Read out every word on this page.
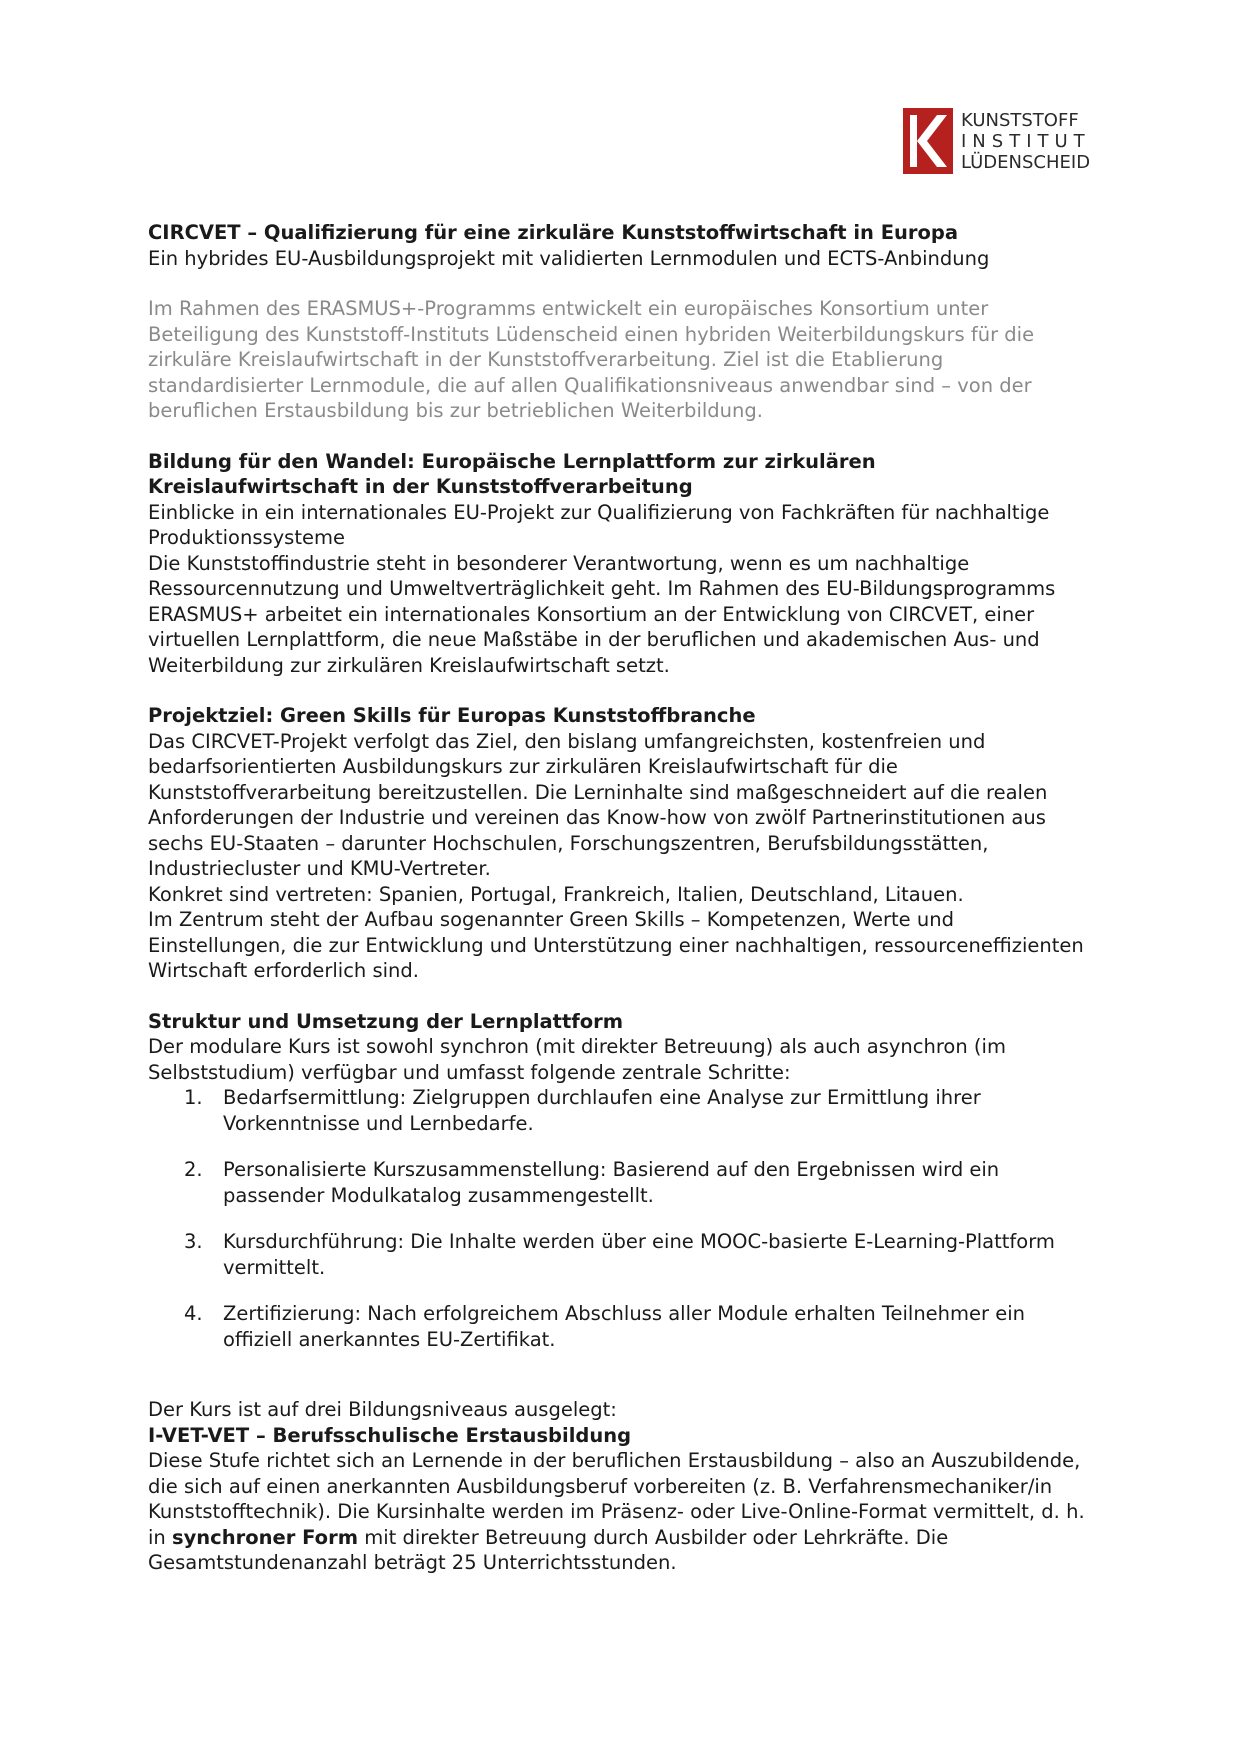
KUNSTSTOFF
INSTITUT
LÜDENSCHEID

CIRCVET – Qualifizierung für eine zirkuläre Kunststoffwirtschaft in Europa

Ein hybrides EU-Ausbildungsprojekt mit validierten Lernmodulen und ECTS-Anbindung

Im Rahmen des ERASMUS+-Programms entwickelt ein europäisches Konsortium unter Beteiligung des Kunststoff-Instituts Lüdenscheid einen hybriden Weiterbildungskurs für die zirkuläre Kreislaufwirtschaft in der Kunststoffverarbeitung. Ziel ist die Etablierung standardisierter Lernmodule, die auf allen Qualifikationsniveaus anwendbar sind – von der beruflichen Erstausbildung bis zur betrieblichen Weiterbildung.

Bildung für den Wandel: Europäische Lernplattform zur zirkulären Kreislaufwirtschaft in der Kunststoffverarbeitung

Einblicke in ein internationales EU-Projekt zur Qualifizierung von Fachkräften für nachhaltige Produktionssysteme

Die Kunststoffindustrie steht in besonderer Verantwortung, wenn es um nachhaltige Ressourcennutzung und Umweltverträglichkeit geht. Im Rahmen des EU-Bildungsprogramms ERASMUS+ arbeitet ein internationales Konsortium an der Entwicklung von CIRCVET, einer virtuellen Lernplattform, die neue Maßstäbe in der beruflichen und akademischen Aus- und Weiterbildung zur zirkulären Kreislaufwirtschaft setzt.

Projektziel: Green Skills für Europas Kunststoffbranche

Das CIRCVET-Projekt verfolgt das Ziel, den bislang umfangreichsten, kostenfreien und bedarfsorientierten Ausbildungskurs zur zirkulären Kreislaufwirtschaft für die Kunststoffverarbeitung bereitzustellen. Die Lerninhalte sind maßgeschneidert auf die realen Anforderungen der Industrie und vereinen das Know-how von zwölf Partnerinstitutionen aus sechs EU-Staaten – darunter Hochschulen, Forschungszentren, Berufsbildungsstätten, Industriecluster und KMU-Vertreter.

Konkret sind vertreten: Spanien, Portugal, Frankreich, Italien, Deutschland, Litauen.

Im Zentrum steht der Aufbau sogenannter Green Skills – Kompetenzen, Werte und Einstellungen, die zur Entwicklung und Unterstützung einer nachhaltigen, ressourceneffizienten Wirtschaft erforderlich sind.

Struktur und Umsetzung der Lernplattform

Der modulare Kurs ist sowohl synchron (mit direkter Betreuung) als auch asynchron (im Selbststudium) verfügbar und umfasst folgende zentrale Schritte:

1. Bedarfsermittlung: Zielgruppen durchlaufen eine Analyse zur Ermittlung ihrer Vorkenntnisse und Lernbedarfe.
2. Personalisierte Kurszusammenstellung: Basierend auf den Ergebnissen wird ein passender Modulkatalog zusammengestellt.
3. Kursdurchführung: Die Inhalte werden über eine MOOC-basierte E-Learning-Plattform vermittelt.
4. Zertifizierung: Nach erfolgreichem Abschluss aller Module erhalten Teilnehmer ein offiziell anerkanntes EU-Zertifikat.

Der Kurs ist auf drei Bildungsniveaus ausgelegt:

I-VET-VET – Berufsschulische Erstausbildung

Diese Stufe richtet sich an Lernende in der beruflichen Erstausbildung – also an Auszubildende, die sich auf einen anerkannten Ausbildungsberuf vorbereiten (z. B. Verfahrensmechaniker/in Kunststofftechnik). Die Kursinhalte werden im Präsenz- oder Live-Online-Format vermittelt, d. h. in synchroner Form mit direkter Betreuung durch Ausbilder oder Lehrkräfte. Die Gesamtstundenanzahl beträgt 25 Unterrichtsstunden.
